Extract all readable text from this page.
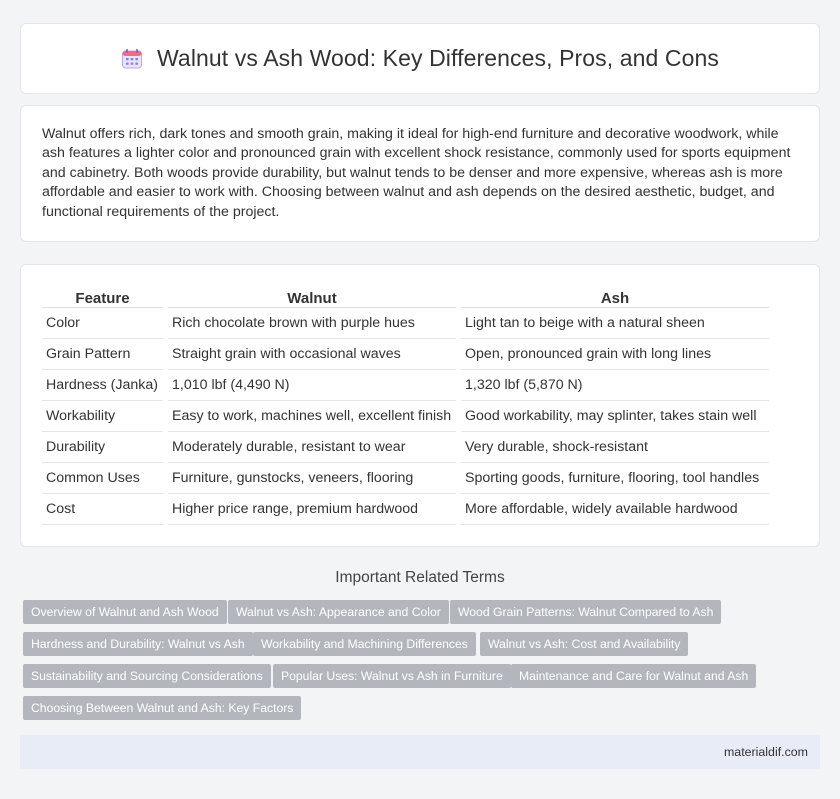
Walnut vs Ash Wood: Key Differences, Pros, and Cons

Walnut offers rich, dark tones and smooth grain, making it ideal for high-end furniture and decorative woodwork, while ash features a lighter color and pronounced grain with excellent shock resistance, commonly used for sports equipment and cabinetry. Both woods provide durability, but walnut tends to be denser and more expensive, whereas ash is more affordable and easier to work with. Choosing between walnut and ash depends on the desired aesthetic, budget, and functional requirements of the project.

Feature	Walnut	Ash
Color	Rich chocolate brown with purple hues	Light tan to beige with a natural sheen
Grain Pattern	Straight grain with occasional waves	Open, pronounced grain with long lines
Hardness (Janka)	1,010 lbf (4,490 N)	1,320 lbf (5,870 N)
Workability	Easy to work, machines well, excellent finish	Good workability, may splinter, takes stain well
Durability	Moderately durable, resistant to wear	Very durable, shock-resistant
Common Uses	Furniture, gunstocks, veneers, flooring	Sporting goods, furniture, flooring, tool handles
Cost	Higher price range, premium hardwood	More affordable, widely available hardwood
Important Related Terms
Overview of Walnut and Ash Wood	Walnut vs Ash: Appearance and Color	Wood Grain Patterns: Walnut Compared to Ash
Hardness and Durability: Walnut vs Ash	Workability and Machining Differences	Walnut vs Ash: Cost and Availability
Sustainability and Sourcing Considerations	Popular Uses: Walnut vs Ash in Furniture	Maintenance and Care for Walnut and Ash
Choosing Between Walnut and Ash: Key Factors
materialdif.com
